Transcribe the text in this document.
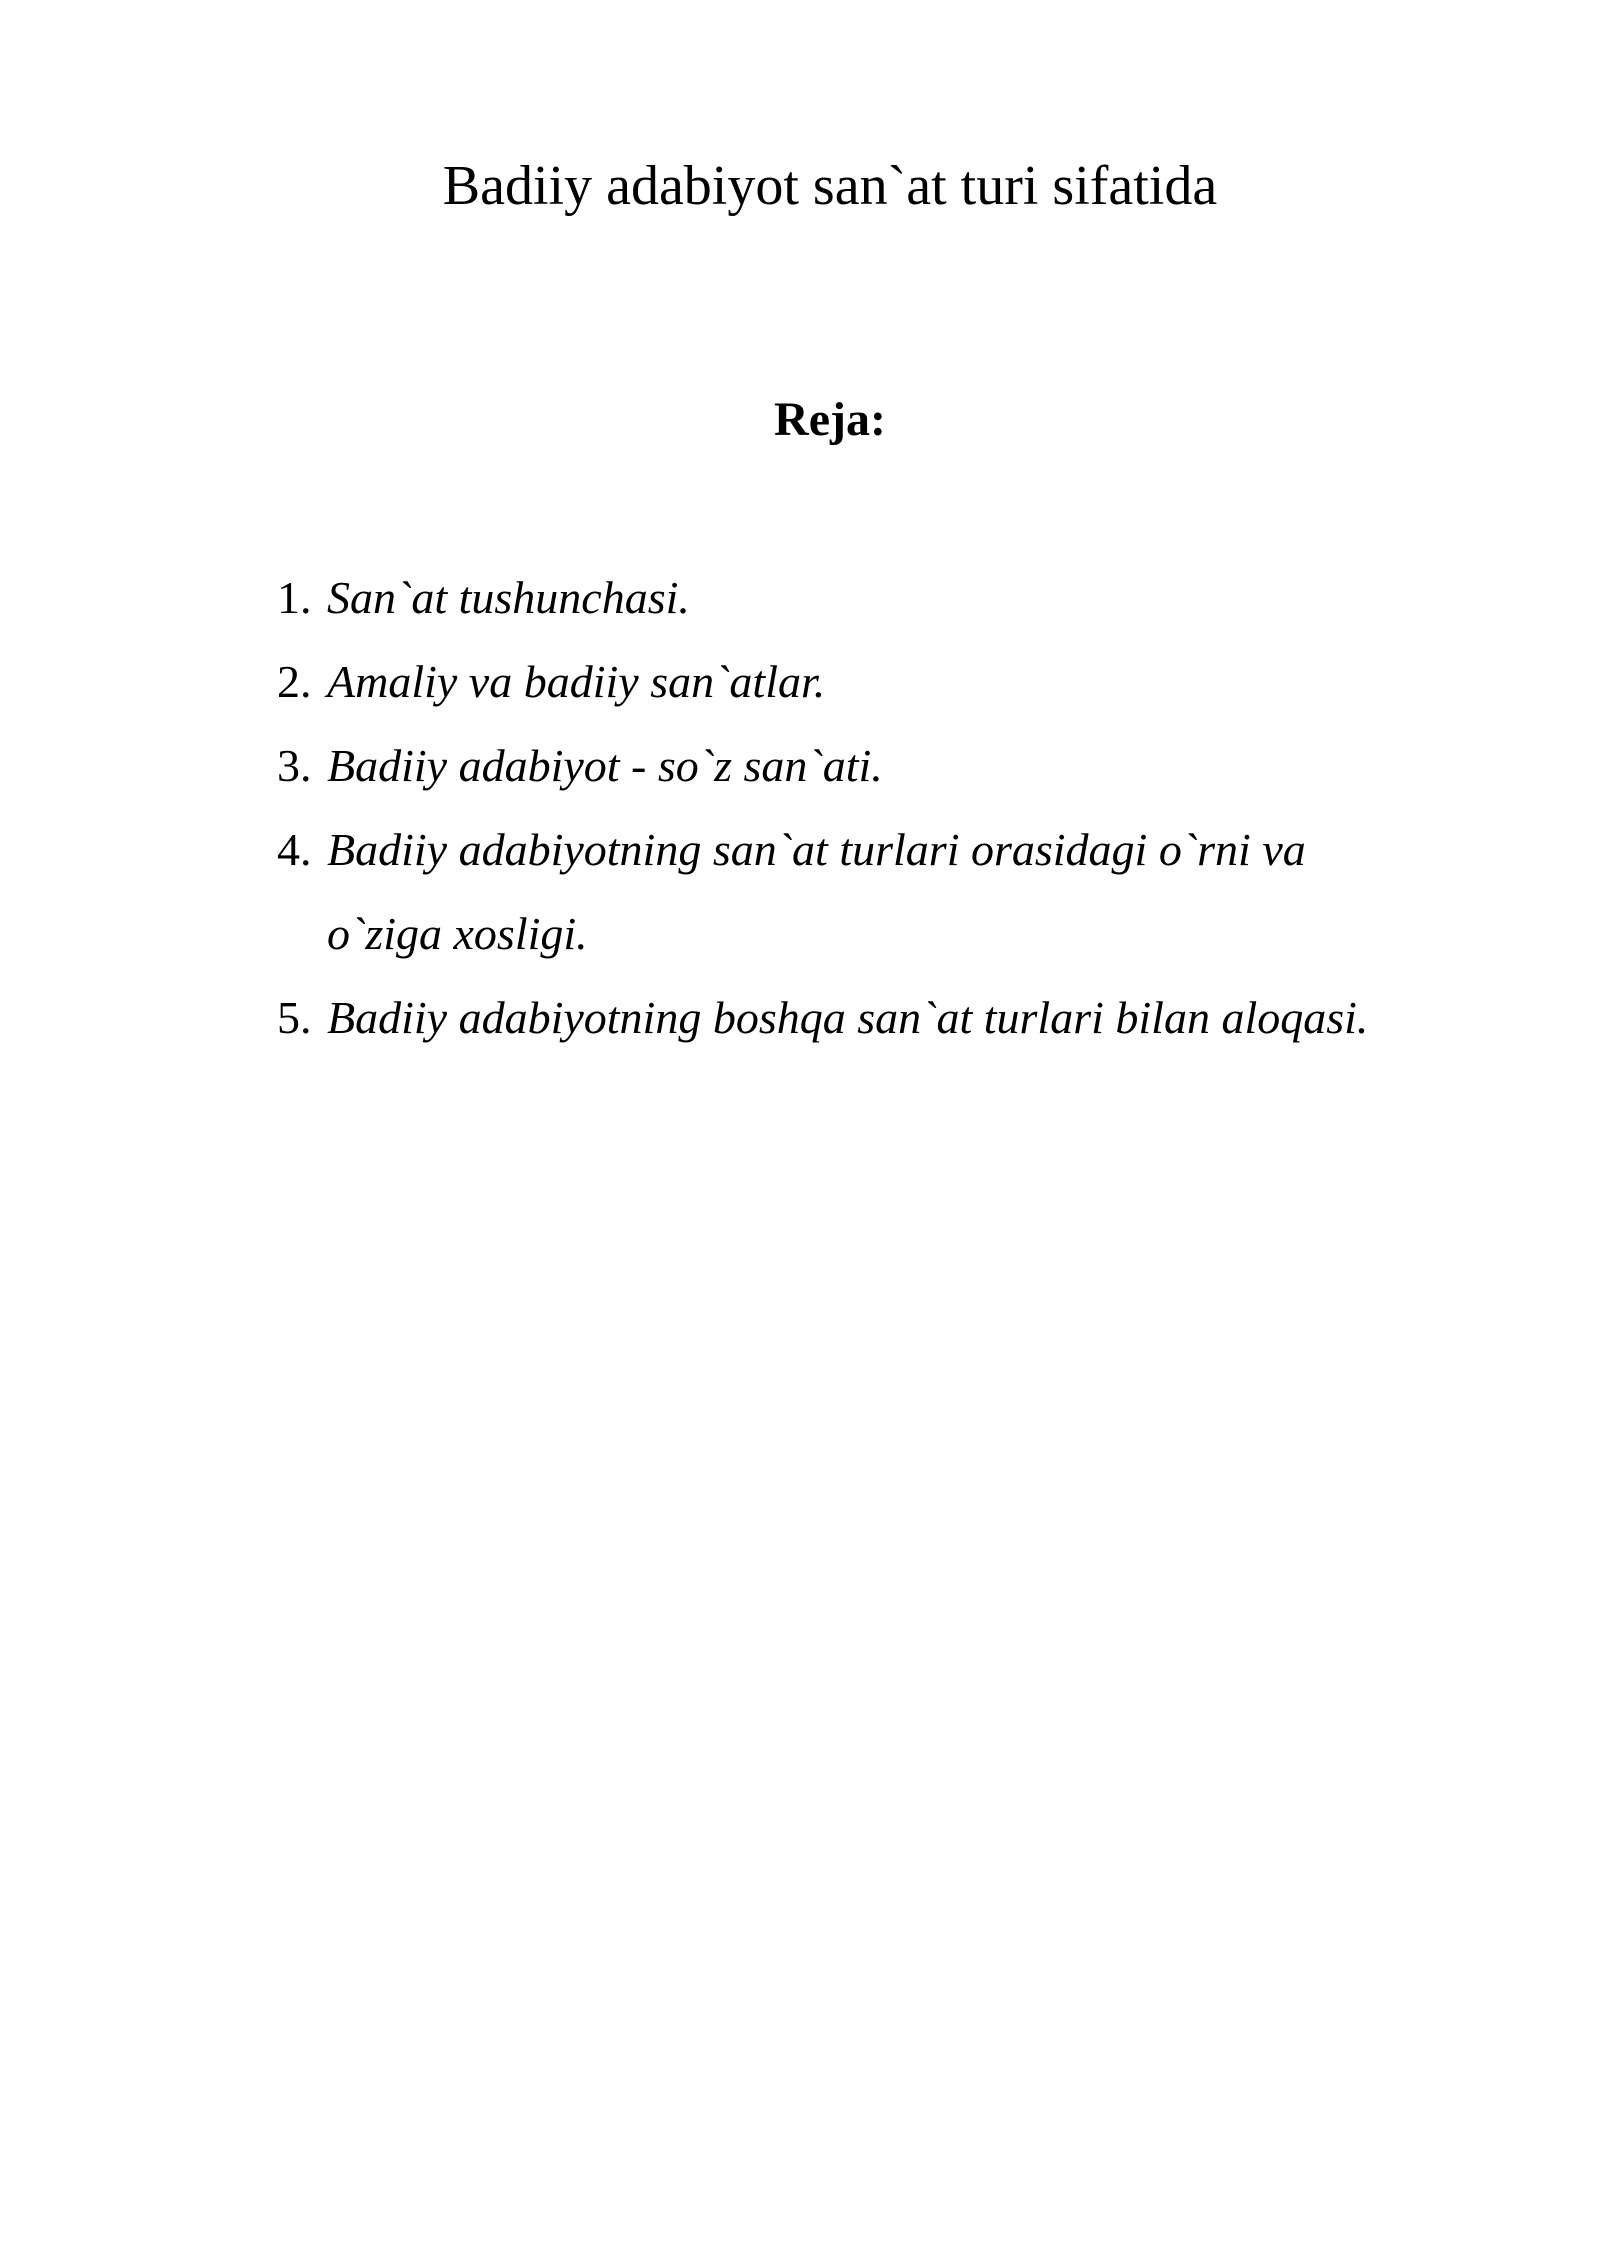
Badiiy adabiyot san`at turi sifatida
Reja:
1. San`at tushunchasi.
2. Amaliy va badiiy san`atlar.
3. Badiiy adabiyot - so`z san`ati.
4. Badiiy adabiyotning san`at turlari orasidagi o`rni va
o`ziga xosligi.
5. Badiiy adabiyotning boshqa san`at turlari bilan aloqasi.
